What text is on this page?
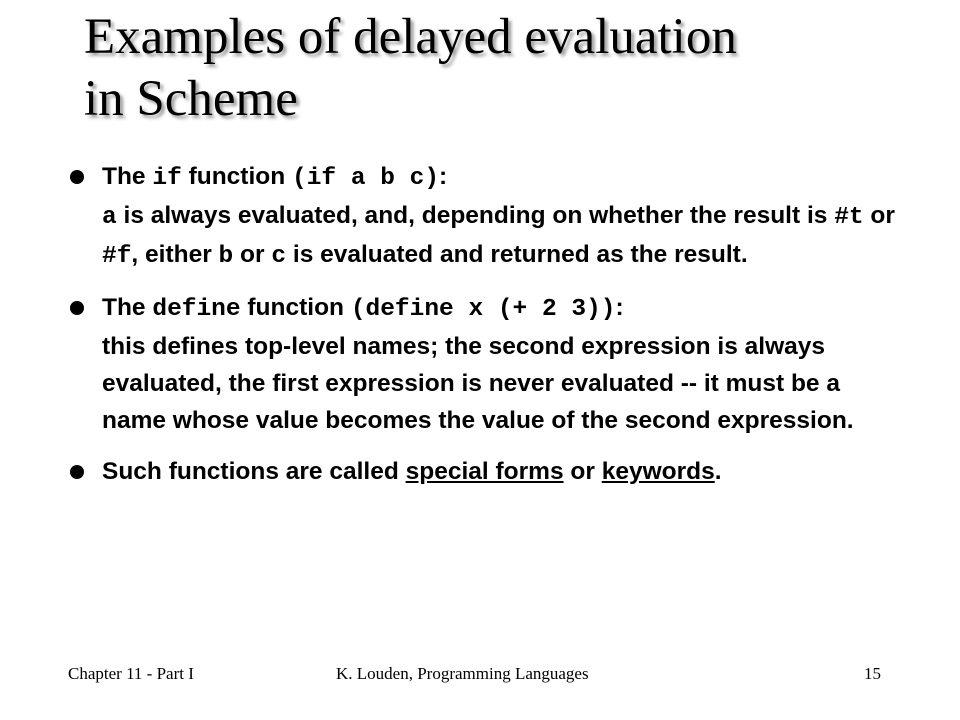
Examples of delayed evaluation
in Scheme
The if function (if a b c):
a is always evaluated, and, depending on whether the result is #t or #f, either b or c is evaluated and returned as the result.
The define function (define x (+ 2 3)):
this defines top-level names; the second expression is always evaluated, the first expression is never evaluated -- it must be a name whose value becomes the value of the second expression.
Such functions are called special forms or keywords.
Chapter 11 - Part I	K. Louden, Programming Languages	15
